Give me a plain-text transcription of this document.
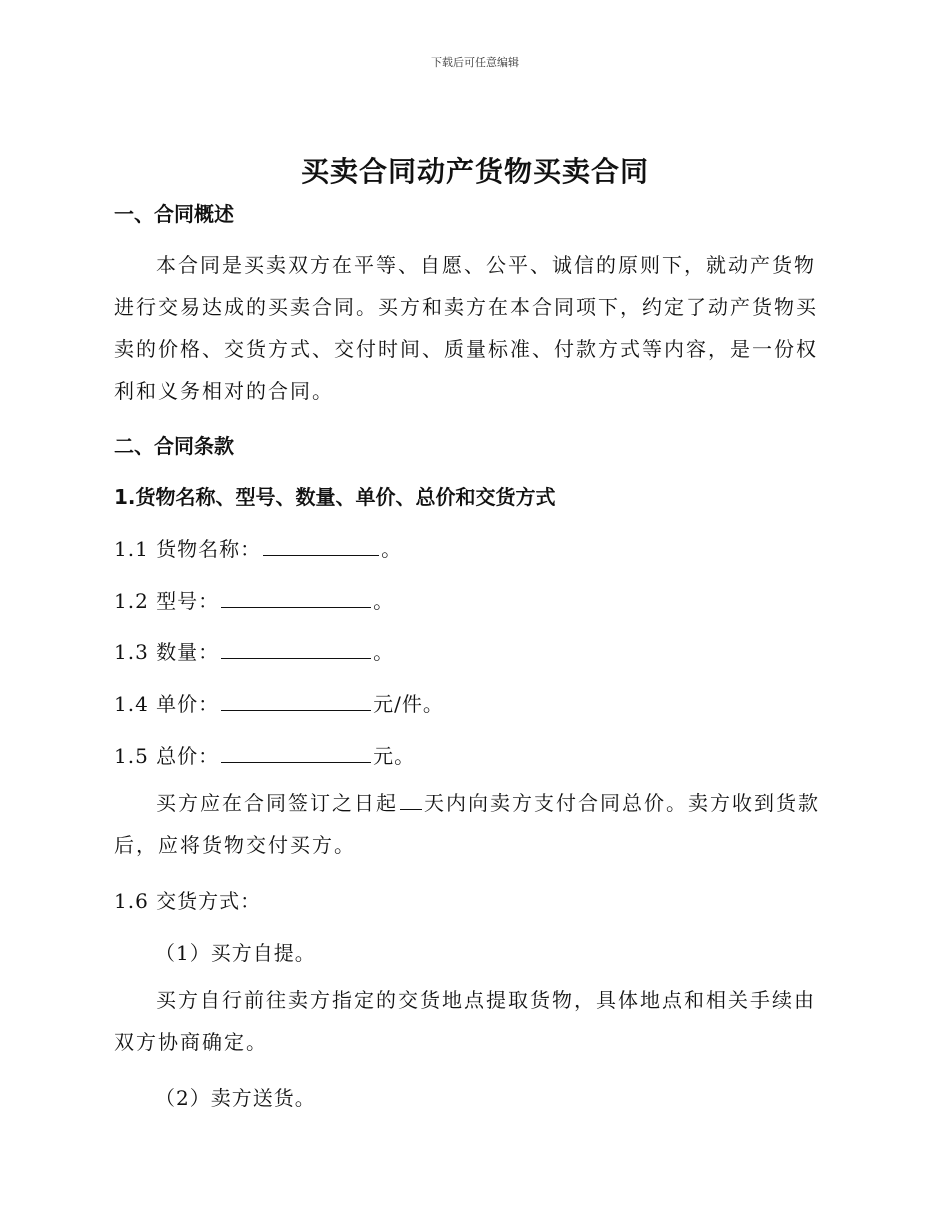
下载后可任意编辑
买卖合同动产货物买卖合同
一、合同概述
本合同是买卖双方在平等、自愿、公平、诚信的原则下，就动产货物进行交易达成的买卖合同。买方和卖方在本合同项下，约定了动产货物买卖的价格、交货方式、交付时间、质量标准、付款方式等内容，是一份权利和义务相对的合同。
二、合同条款
1.货物名称、型号、数量、单价、总价和交货方式
1.1 货物名称：	。
1.2 型号：	。
1.3 数量：	。
1.4 单价：	元/件。
1.5 总价：	元。
买方应在合同签订之日起 天内向卖方支付合同总价。卖方收到货款后，应将货物交付买方。
1.6 交货方式：
（1）买方自提。
买方自行前往卖方指定的交货地点提取货物，具体地点和相关手续由双方协商确定。
（2）卖方送货。
